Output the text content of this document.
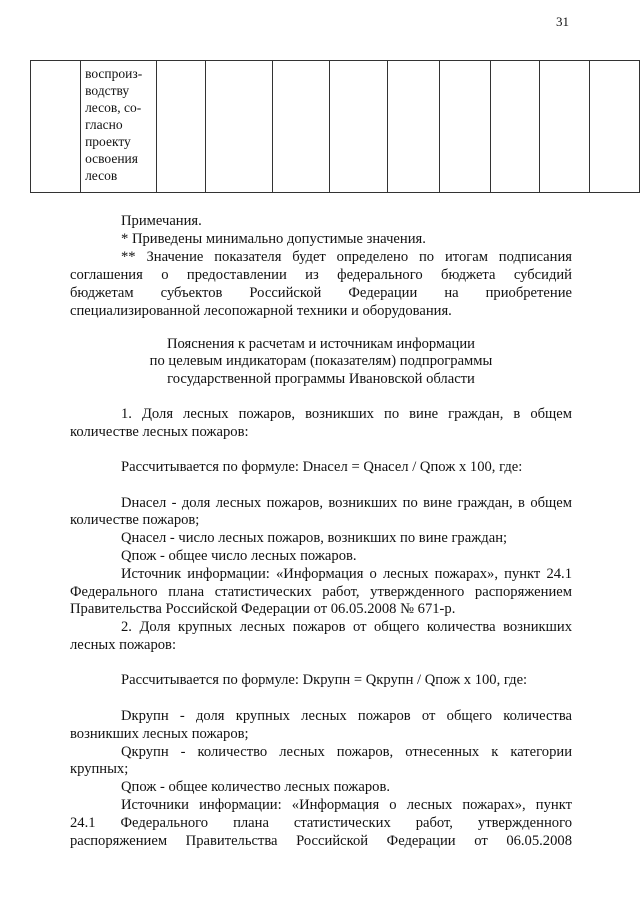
31

воспроиз-
водству
лесов, со-
гласно
проекту
освоения
лесов

Примечания.
* Приведены минимально допустимые значения.
** Значение показателя будет определено по итогам подписания
соглашения о предоставлении из федерального бюджета субсидий
бюджетам субъектов Российской Федерации на приобретение
специализированной лесопожарной техники и оборудования.
Пояснения к расчетам и источникам информации
по целевым индикаторам (показателям) подпрограммы
государственной программы Ивановской области
1. Доля лесных пожаров, возникших по вине граждан, в общем
количестве лесных пожаров:
Рассчитывается по формуле: Dнасел = Qнасел / Qпож x 100, где:
Dнасел - доля лесных пожаров, возникших по вине граждан, в общем
количестве пожаров;
Qнасел - число лесных пожаров, возникших по вине граждан;
Qпож - общее число лесных пожаров.
Источник информации: «Информация о лесных пожарах», пункт 24.1
Федерального плана статистических работ, утвержденного распоряжением
Правительства Российской Федерации от 06.05.2008 № 671-р.
2. Доля крупных лесных пожаров от общего количества возникших
лесных пожаров:
Рассчитывается по формуле: Dкрупн = Qкрупн / Qпож x 100, где:
Dкрупн - доля крупных лесных пожаров от общего количества
возникших лесных пожаров;
Qкрупн - количество лесных пожаров, отнесенных к категории
крупных;
Qпож - общее количество лесных пожаров.
Источники информации: «Информация о лесных пожарах», пункт
24.1 Федерального плана статистических работ, утвержденного
распоряжением Правительства Российской Федерации от 06.05.2008
